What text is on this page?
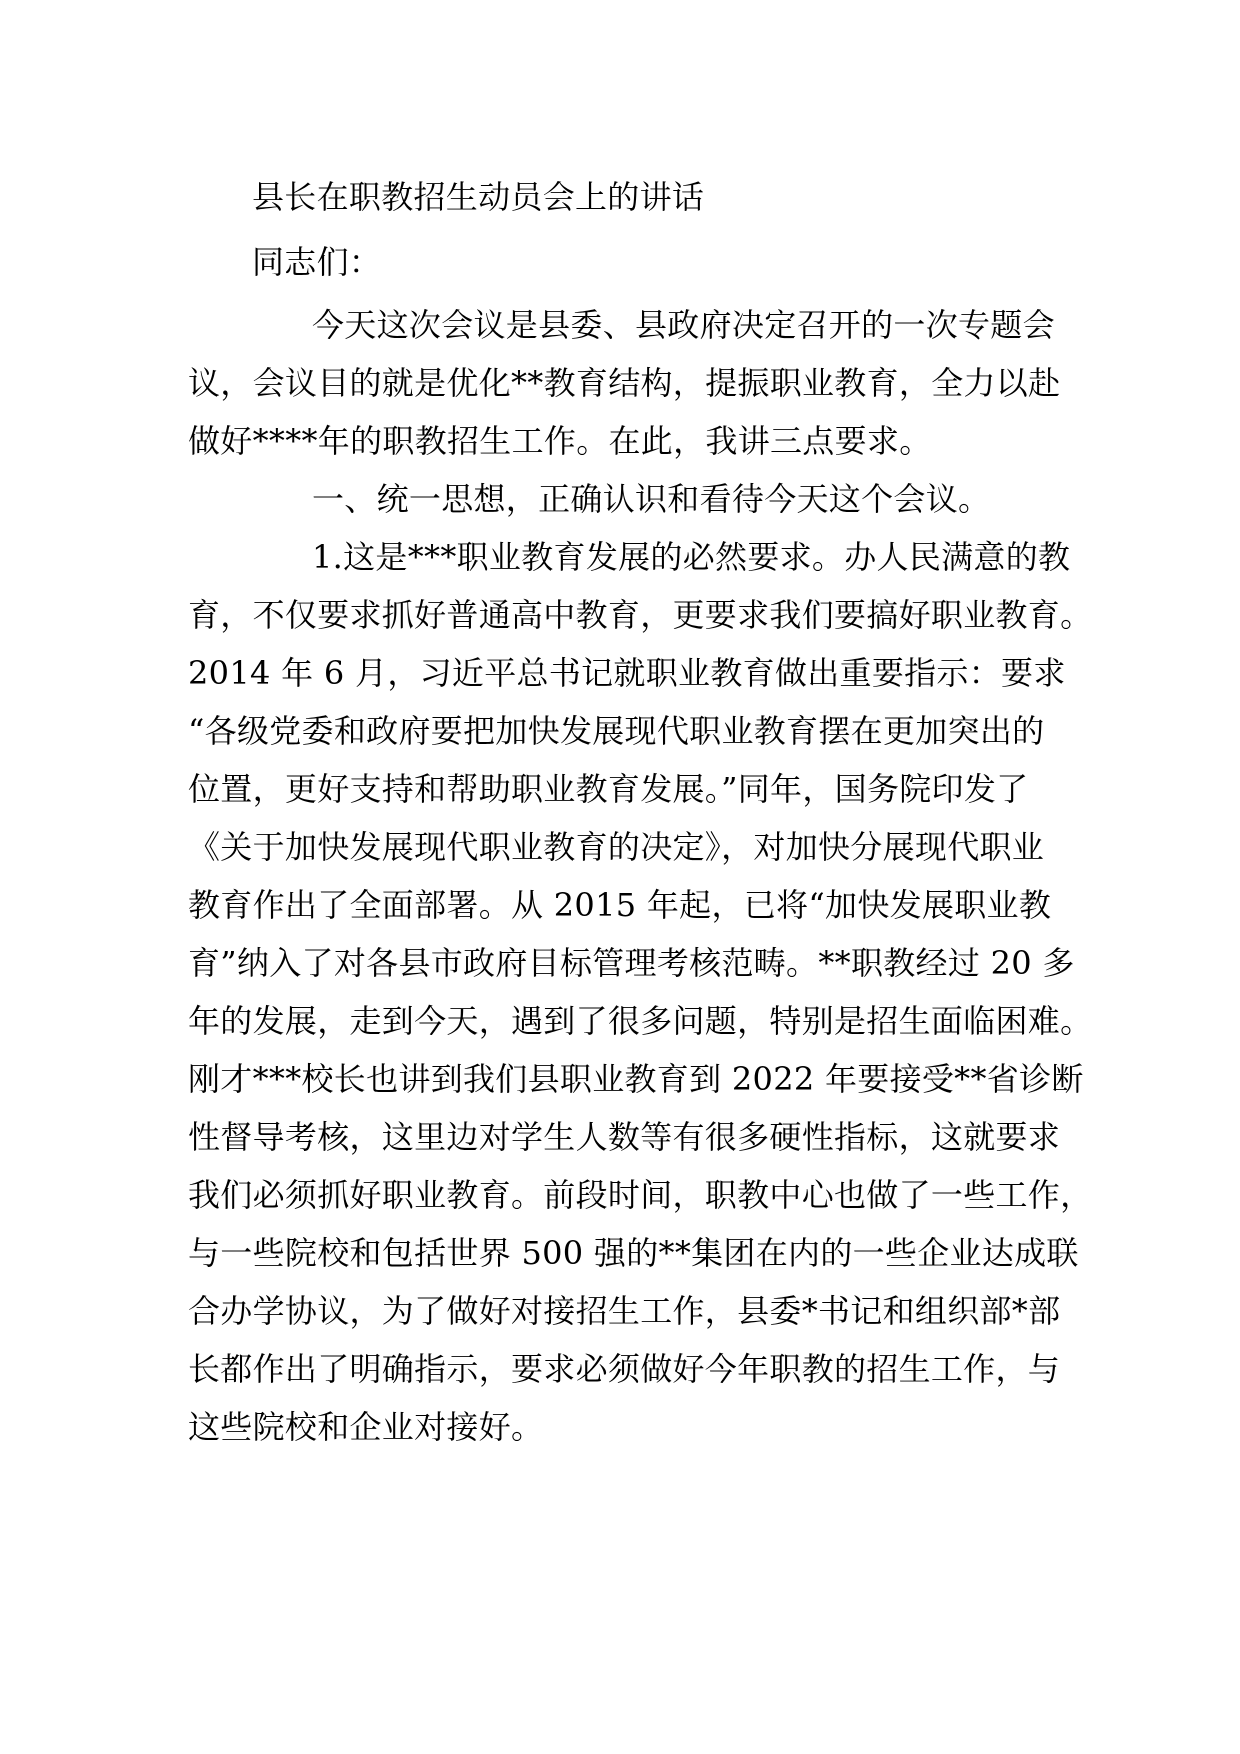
县长在职教招生动员会上的讲话
同志们：
今天这次会议是县委、县政府决定召开的一次专题会
议，会议目的就是优化**教育结构，提振职业教育，全力以赴
做好****年的职教招生工作。在此，我讲三点要求。
一、统一思想，正确认识和看待今天这个会议。
1.这是***职业教育发展的必然要求。办人民满意的教
育，不仅要求抓好普通高中教育，更要求我们要搞好职业教育。
2014 年 6 月，习近平总书记就职业教育做出重要指示：要求
“各级党委和政府要把加快发展现代职业教育摆在更加突出的
位置，更好支持和帮助职业教育发展。”同年，国务院印发了
《关于加快发展现代职业教育的决定》，对加快分展现代职业
教育作出了全面部署。从 2015 年起，已将“加快发展职业教
育”纳入了对各县市政府目标管理考核范畴。**职教经过 20 多
年的发展，走到今天，遇到了很多问题，特别是招生面临困难。
刚才***校长也讲到我们县职业教育到 2022 年要接受**省诊断
性督导考核，这里边对学生人数等有很多硬性指标，这就要求
我们必须抓好职业教育。前段时间，职教中心也做了一些工作，
与一些院校和包括世界 500 强的**集团在内的一些企业达成联
合办学协议，为了做好对接招生工作，县委*书记和组织部*部
长都作出了明确指示，要求必须做好今年职教的招生工作，与
这些院校和企业对接好。
